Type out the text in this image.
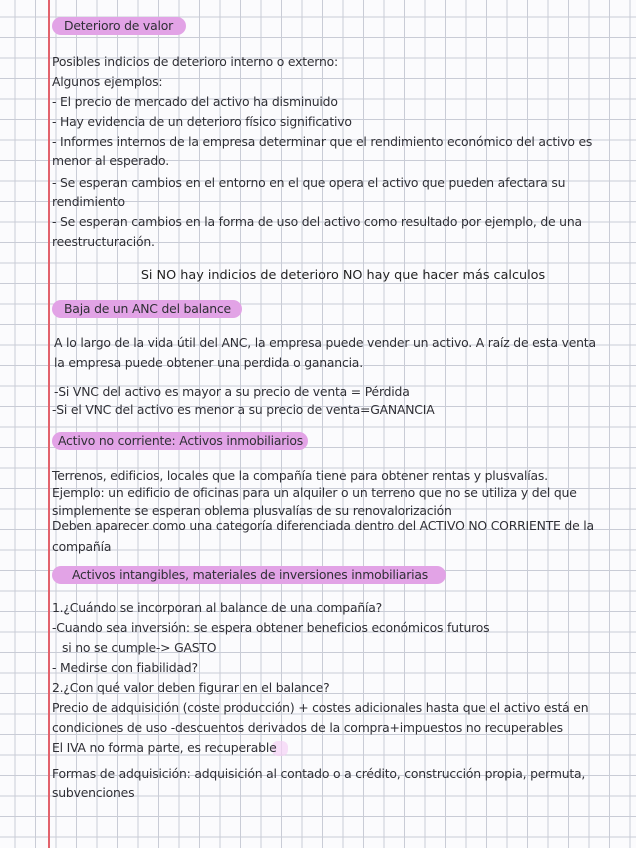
Deterioro de valor
Posibles indicios de deterioro interno o externo:
Algunos ejemplos:
- El precio de mercado del activo ha disminuido
- Hay evidencia de un deterioro físico significativo
- Informes internos de la empresa determinar que el rendimiento económico del activo es
menor al esperado.
- Se esperan cambios en el entorno en el que opera el activo que pueden afectara su
rendimiento
- Se esperan cambios en la forma de uso del activo como resultado por ejemplo, de una
reestructuración.
Si NO hay indicios de deterioro NO hay que hacer más calculos
Baja de un ANC del balance
A lo largo de la vida útil del ANC, la empresa puede vender un activo. A raíz de esta venta
la empresa puede obtener una perdida o ganancia.
-Si VNC del activo es mayor a su precio de venta = Pérdida
-Si el VNC del activo es menor a su precio de venta=GANANCIA
Activo no corriente: Activos inmobiliarios
Terrenos, edificios, locales que la compañía tiene para obtener rentas y plusvalías.
Ejemplo: un edificio de oficinas para un alquiler o un terreno que no se utiliza y del que
simplemente se esperan oblema plusvalías de su renovalorización
Deben aparecer como una categoría diferenciada dentro del ACTIVO NO CORRIENTE de la
compañía
Activos intangibles, materiales de inversiones inmobiliarias
1.¿Cuándo se incorporan al balance de una compañía?
-Cuando sea inversión: se espera obtener beneficios económicos futuros
si no se cumple-> GASTO
- Medirse con fiabilidad?
2.¿Con qué valor deben figurar en el balance?
Precio de adquisición (coste producción) + costes adicionales hasta que el activo está en
condiciones de uso -descuentos derivados de la compra+impuestos no recuperables
El IVA no forma parte, es recuperable
Formas de adquisición: adquisición al contado o a crédito, construcción propia, permuta,
subvenciones
